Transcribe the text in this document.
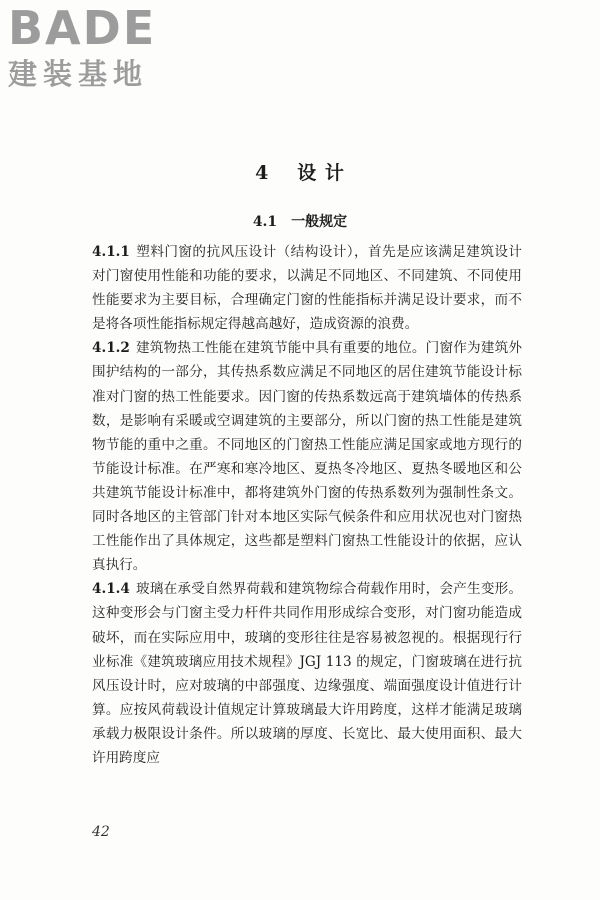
BADE
建装基地
4 设 计
4.1 一般规定

4.1.1 塑料门窗的抗风压设计（结构设计），首先是应该满足建筑设计对门窗使用性能和功能的要求，以满足不同地区、不同建筑、不同使用性能要求为主要目标，合理确定门窗的性能指标并满足设计要求，而不是将各项性能指标规定得越高越好，造成资源的浪费。

4.1.2 建筑物热工性能在建筑节能中具有重要的地位。门窗作为建筑外围护结构的一部分，其传热系数应满足不同地区的居住建筑节能设计标准对门窗的热工性能要求。因门窗的传热系数远高于建筑墙体的传热系数，是影响有采暖或空调建筑的主要部分，所以门窗的热工性能是建筑物节能的重中之重。不同地区的门窗热工性能应满足国家或地方现行的节能设计标准。在严寒和寒冷地区、夏热冬冷地区、夏热冬暖地区和公共建筑节能设计标准中，都将建筑外门窗的传热系数列为强制性条文。同时各地区的主管部门针对本地区实际气候条件和应用状况也对门窗热工性能作出了具体规定，这些都是塑料门窗热工性能设计的依据，应认真执行。

4.1.4 玻璃在承受自然界荷载和建筑物综合荷载作用时，会产生变形。这种变形会与门窗主受力杆件共同作用形成综合变形，对门窗功能造成破坏，而在实际应用中，玻璃的变形往往是容易被忽视的。根据现行行业标准《建筑玻璃应用技术规程》JGJ 113 的规定，门窗玻璃在进行抗风压设计时，应对玻璃的中部强度、边缘强度、端面强度设计值进行计算。应按风荷载设计值规定计算玻璃最大许用跨度，这样才能满足玻璃承载力极限设计条件。所以玻璃的厚度、长宽比、最大使用面积、最大许用跨度应

42
